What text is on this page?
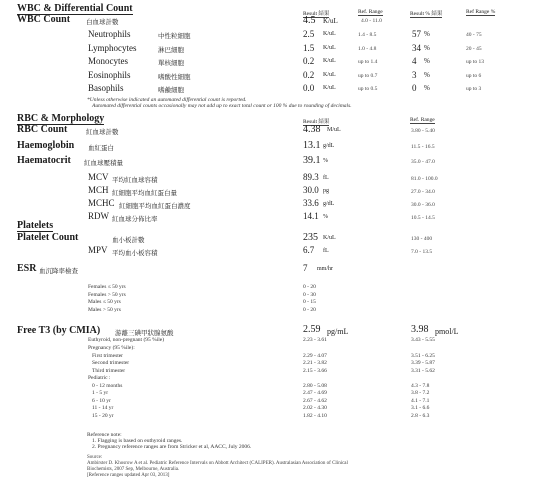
WBC & Differential Count	Result 結果	Ref. Range	Result % 結果	Ref Range %
WBC Count 白血球計數	4.5 K/uL	4.0 - 11.0
Neutrophils	中性粒細胞	2.5 K/uL	1.4 - 8.5	57 %	40 - 75
Lymphocytes	淋巴細胞	1.5 K/uL	1.0 - 4.8	34 %	20 - 45
Monocytes	單核細胞	0.2 K/uL	up to 1.4	4 %	up to 13
Eosinophils	嗜酸性細胞	0.2 K/uL	up to 0.7	3 %	up to 6
Basophils	嗜鹼細胞	0.0 K/uL	up to 0.5	0 %	up to 3
*Unless otherwise indicated an automated differential count is reported.
Automated differential counts occasionally may not add up to exact total count or 100 % due to rounding of decimals.
RBC & Morphology	Result 結果	Ref. Range
RBC Count	紅血球計數	4.38 M/uL	3.80 - 5.40
Haemoglobin 血紅蛋白	13.1 g/dL	11.5 - 16.5
Haematocrit 紅血球壓積量	39.1 %	35.0 - 47.0
MCV 平均紅血球容積	89.3 fL	81.0 - 100.0
MCH 紅細胞平均血紅蛋白量	30.0 pg	27.0 - 34.0
MCHC 紅細胞平均血紅蛋白濃度	33.6 g/dL	30.0 - 36.0
RDW 紅血球分佈比率	14.1 %	10.5 - 14.5
Platelets
Platelet Count	血小板計數	235 K/uL	130 - 400
MPV 平均血小板容積	6.7 fL	7.0 - 13.5
ESR 血沉降率檢查	7 mm/hr
Females ≤ 50 yrs	0 - 20
Females > 50 yrs	0 - 30
Males ≤ 50 yrs	0 - 15
Males > 50 yrs	0 - 20
Free T3 (by CMIA) 游離三碘甲狀腺氨酸	2.59 pg/mL	3.98 pmol/L
Euthyroid, non-pregnant (95 %ile)	2.23 - 3.61	3.43 - 5.55
Pregnancy (95 %ile):
First trimester	2.29 - 4.07	3.51 - 6.25
Second trimester	2.21 - 3.82	3.39 - 5.87
Third trimester	2.15 - 3.66	3.31 - 5.62
Pediatric :
0 - 12 months	2.80 - 5.08	4.3 - 7.8
1 - 5 yr	2.47 - 4.69	3.8 - 7.2
6 - 10 yr	2.67 - 4.62	4.1 - 7.1
11 - 14 yr	2.02 - 4.30	3.1 - 6.6
15 - 20 yr	1.82 - 4.10	2.8 - 6.3
Reference note:
1. Flagging is based on euthyroid ranges.
2. Pregnancy reference ranges are from Stricker et al, AACC, July 2006.
Source:
Ambirster D. Khosrow A et al. Pediatric Reference Intervals on Abbott Architect (CALIPER). Australasian Association of Clinical
Biochemists, 2007 Sep, Melbourne, Australia.
[Reference ranges updated Apr 03, 2013]
